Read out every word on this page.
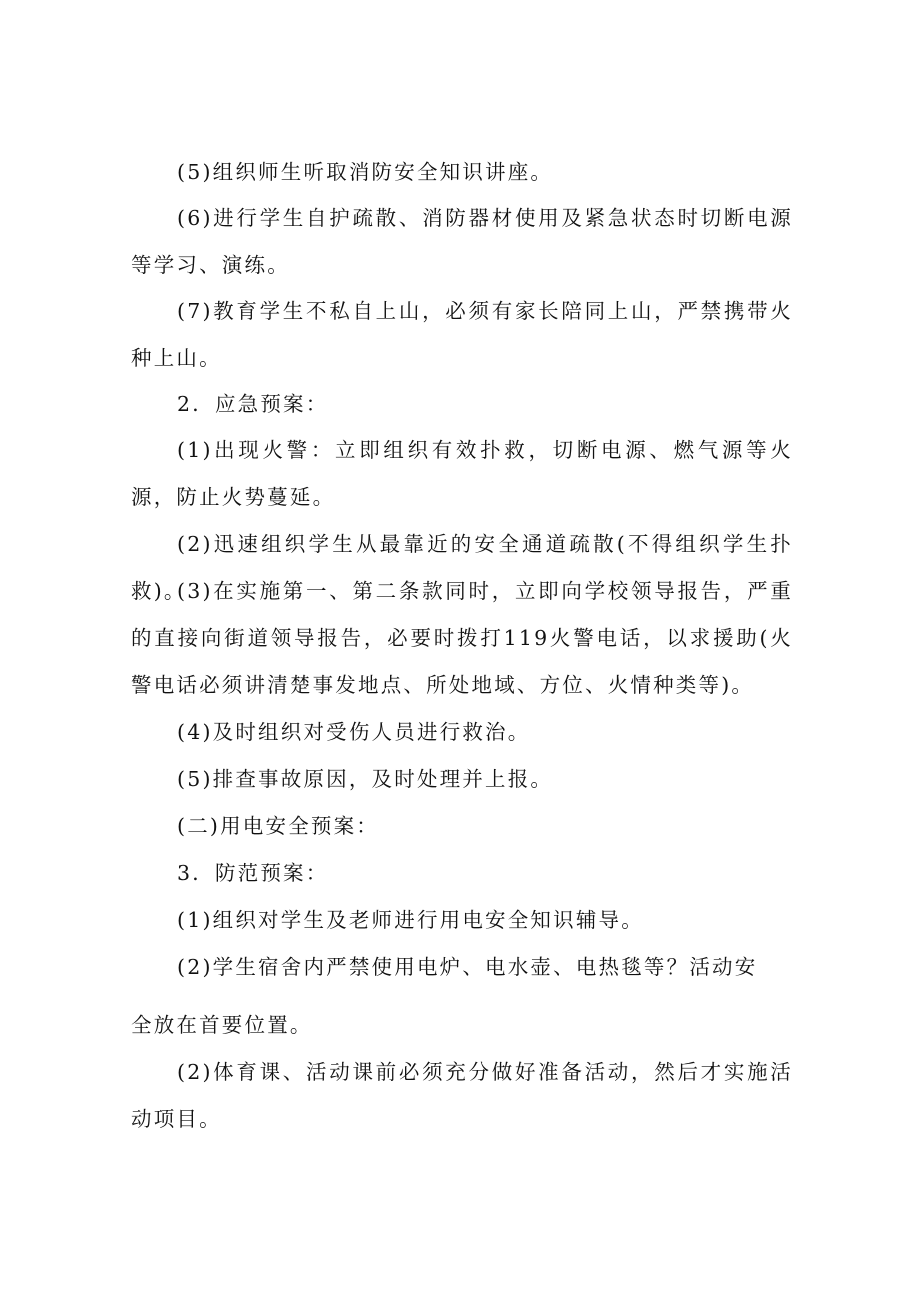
(5)组织师生听取消防安全知识讲座。

(6)进行学生自护疏散、消防器材使用及紧急状态时切断电源等学习、演练。

(7)教育学生不私自上山，必须有家长陪同上山，严禁携带火种上山。

2．应急预案：

(1)出现火警：立即组织有效扑救，切断电源、燃气源等火源，防止火势蔓延。

(2)迅速组织学生从最靠近的安全通道疏散(不得组织学生扑救)。

(3)在实施第一、第二条款同时，立即向学校领导报告，严重的直接向街道领导报告，必要时拨打119火警电话，以求援助(火警电话必须讲清楚事发地点、所处地域、方位、火情种类等)。

(4)及时组织对受伤人员进行救治。

(5)排查事故原因，及时处理并上报。

(二)用电安全预案：

3．防范预案：

(1)组织对学生及老师进行用电安全知识辅导。

(2)学生宿舍内严禁使用电炉、电水壶、电热毯等？活动安

全放在首要位置。

(2)体育课、活动课前必须充分做好准备活动，然后才实施活动项目。
